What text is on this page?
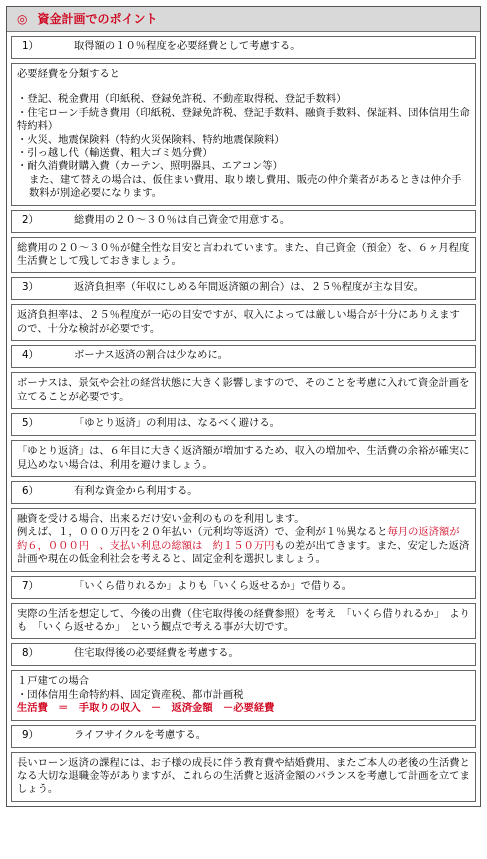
◎ 資金計画でのポイント
1）	取得額の１０％程度を必要経費として考慮する。

必要経費を分類すると

・登記、税金費用（印紙税、登録免許税、不動産取得税、登記手数料）

・住宅ローン手続き費用（印紙税、登録免許税、登記手数料、融資手数料、保証料、団体信用生命特約料）

・火災、地震保険料（特約火災保険料、特約地震保険料）

・引っ越し代（輸送費、粗大ゴミ処分費）

・耐久消費財購入費（カーテン、照明器具、エアコン等）

また、建て替えの場合は、仮住まい費用、取り壊し費用、販売の仲介業者があるときは仲介手数料が別途必要になります。

2）	総費用の２０～３０％は自己資金で用意する。

総費用の２０～３０％が健全性な目安と言われています。また、自己資金（預金）を、６ヶ月程度生活費として残しておきましょう。

3）	返済負担率（年収にしめる年間返済額の割合）は、２５％程度が主な目安。

返済負担率は、２５％程度が一応の目安ですが、収入によっては厳しい場合が十分にありえますので、十分な検討が必要です。

4）	ボーナス返済の割合は少なめに。

ボーナスは、景気や会社の経営状態に大きく影響しますので、そのことを考慮に入れて資金計画を立てることが必要です。

5）	「ゆとり返済」の利用は、なるべく避ける。

「ゆとり返済」は、６年目に大きく返済額が増加するため、収入の増加や、生活費の余裕が確実に見込めない場合は、利用を避けましょう。

6）	有利な資金から利用する。

融資を受ける場合、出来るだけ安い金利のものを利用します。

例えば、１，０００万円を２０年払い（元利均等返済）で、金利が１％異なると毎月の返済額が　約６，０００円　、支払い利息の総額は　約１５０万円もの差が出てきます。また、安定した返済計画や現在の低金利社会を考えると、固定金利を選択しましょう。

7）	「いくら借りれるか」よりも「いくら返せるか」で借りる。

実際の生活を想定して、今後の出費（住宅取得後の経費参照）を考え　「いくら借りれるか」　よりも　「いくら返せるか」　という観点で考える事が大切です。

8）	住宅取得後の必要経費を考慮する。

１戸建ての場合

・団体信用生命特約料、固定資産税、都市計画税

生活費　＝　手取りの収入　－　返済金額　－必要経費

9）	ライフサイクルを考慮する。

長いローン返済の課程には、お子様の成長に伴う教育費や結婚費用、またご本人の老後の生活費となる大切な退職金等がありますが、これらの生活費と返済金額のバランスを考慮して計画を立てましょう。
